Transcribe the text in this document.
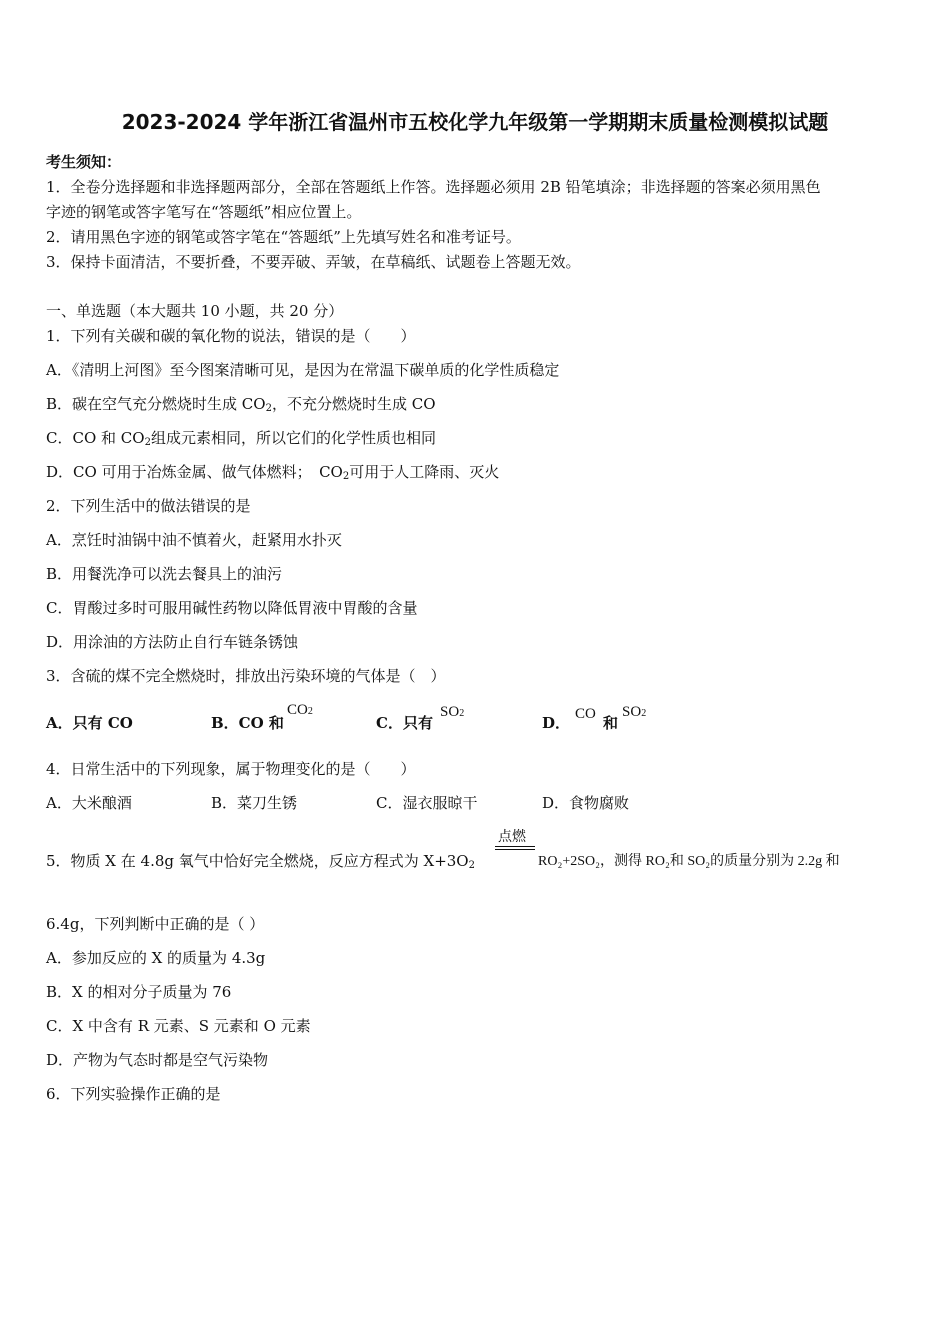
2023-2024 学年浙江省温州市五校化学九年级第一学期期末质量检测模拟试题
考生须知：
1．全卷分选择题和非选择题两部分，全部在答题纸上作答。选择题必须用 2B 铅笔填涂；非选择题的答案必须用黑色
字迹的钢笔或答字笔写在“答题纸”相应位置上。
2．请用黑色字迹的钢笔或答字笔在“答题纸”上先填写姓名和准考证号。
3．保持卡面清洁，不要折叠，不要弄破、弄皱，在草稿纸、试题卷上答题无效。
一、单选题（本大题共 10 小题，共 20 分）
1．下列有关碳和碳的氧化物的说法，错误的是（　　）
A．《清明上河图》至今图案清晰可见，是因为在常温下碳单质的化学性质稳定
B．碳在空气充分燃烧时生成 $CO_2$，不充分燃烧时生成 CO
C．CO 和 $CO_2$组成元素相同，所以它们的化学性质也相同
D．CO 可用于冶炼金属、做气体燃料；　$CO_2$可用于人工降雨、灭火
2．下列生活中的做法错误的是
A．烹饪时油锅中油不慎着火，赶紧用水扑灭
B．用餐洗净可以洗去餐具上的油污
C．胃酸过多时可服用碱性药物以降低胃液中胃酸的含量
D．用涂油的方法防止自行车链条锈蚀
3．含硫的煤不完全燃烧时，排放出污染环境的气体是（　）
A．只有 CO	B．CO 和
CO2
C．只有
SO2
D． CO 和
SO2
4．日常生活中的下列现象，属于物理变化的是（　　）
A．大米酿酒	B．菜刀生锈	C．湿衣服晾干	D．食物腐败
点燃
5．物质 X 在 4.8g 氧气中恰好完全燃烧，反应方程式为 $X+3O_2$	RO₂+2SO₂，测得 RO₂和 SO₂的质量分别为 2.2g 和
6.4g，下列判断中正确的是（ ）
A．参加反应的 X 的质量为 4.3g
B．X 的相对分子质量为 76
C．X 中含有 R 元素、S 元素和 O 元素
D．产物为气态时都是空气污染物
6．下列实验操作正确的是
